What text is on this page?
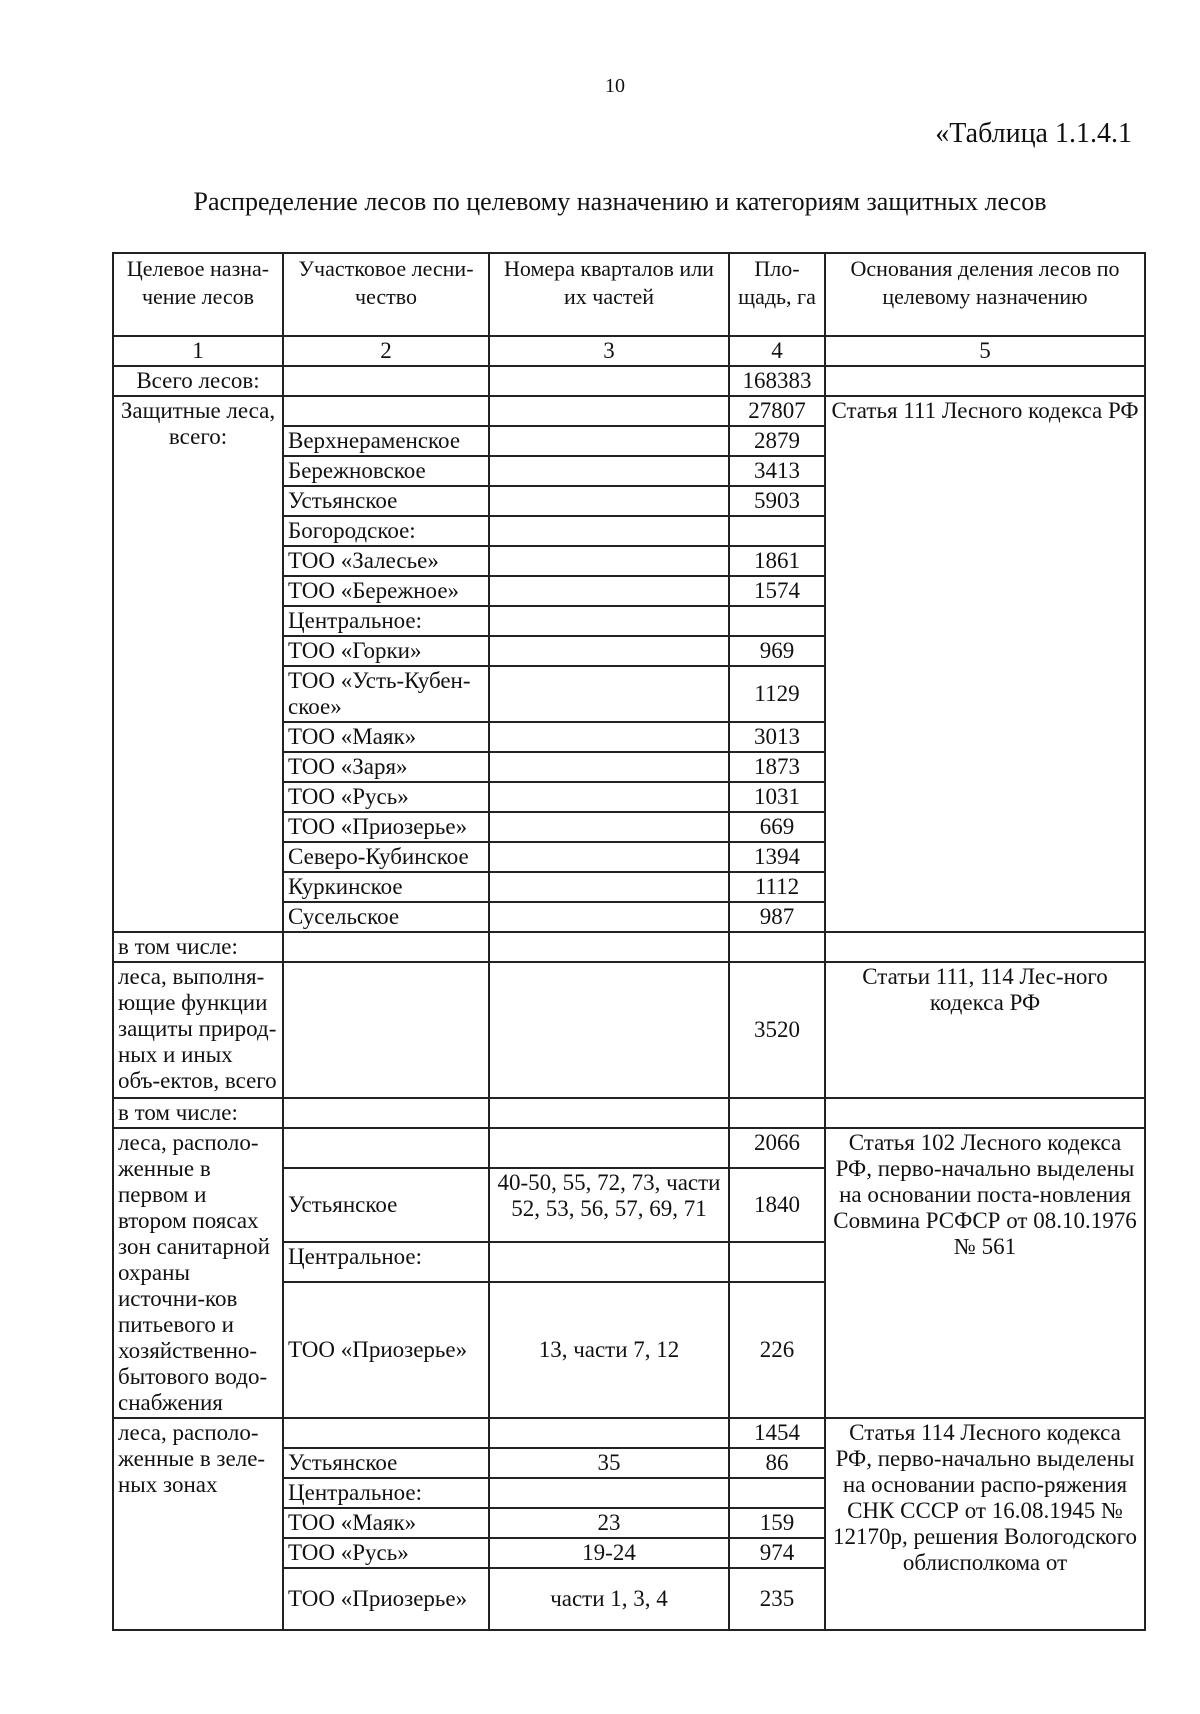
10
«Таблица 1.1.4.1
Распределение лесов по целевому назначению и категориям защитных лесов
Целевое назна-чение лесов	Участковое лесни-чество	Номера кварталов или их частей	Пло-щадь, га	Основания деления лесов по целевому назначению
1	2	3	4	5
Всего лесов:			168383	
Защитные леса, всего:			27807	Статья 111 Лесного кодекса РФ
	Верхнераменское		2879	
	Бережновское		3413	
	Устьянское		5903	
	Богородское:			
	ТОО «Залесье»		1861	
	ТОО «Бережное»		1574	
	Центральное:			
	ТОО «Горки»		969	
	ТОО «Усть-Кубен-ское»		1129	
	ТОО «Маяк»		3013	
	ТОО «Заря»		1873	
	ТОО «Русь»		1031	
	ТОО «Приозерье»		669	
	Северо-Кубинское		1394	
	Куркинское		1112	
	Сусельское		987	
в том числе:				
леса, выполня-ющие функции защиты природ-ных и иных объ-ектов, всего			3520	Статьи 111, 114 Лес-ного кодекса РФ
в том числе:				
леса, располо-женные в первом и втором поясах зон санитарной охраны источни-ков питьевого и хозяйственно-бытового водо-снабжения			2066	Статья 102 Лесного кодекса РФ, перво-начально выделены на основании поста-новления Совмина РСФСР от 08.10.1976 № 561
	Устьянское	40-50, 55, 72, 73, части 52, 53, 56, 57, 69, 71	1840	
	Центральное:			
	ТОО «Приозерье»	13, части 7, 12	226	
леса, располо-женные в зеле-ных зонах			1454	Статья 114 Лесного кодекса РФ, перво-начально выделены на основании распо-ряжения СНК СССР от 16.08.1945 № 12170р, решения Вологодского облисполкома от
	Устьянское	35	86	
	Центральное:			
	ТОО «Маяк»	23	159	
	ТОО «Русь»	19-24	974	
	ТОО «Приозерье»	части 1, 3, 4	235	
